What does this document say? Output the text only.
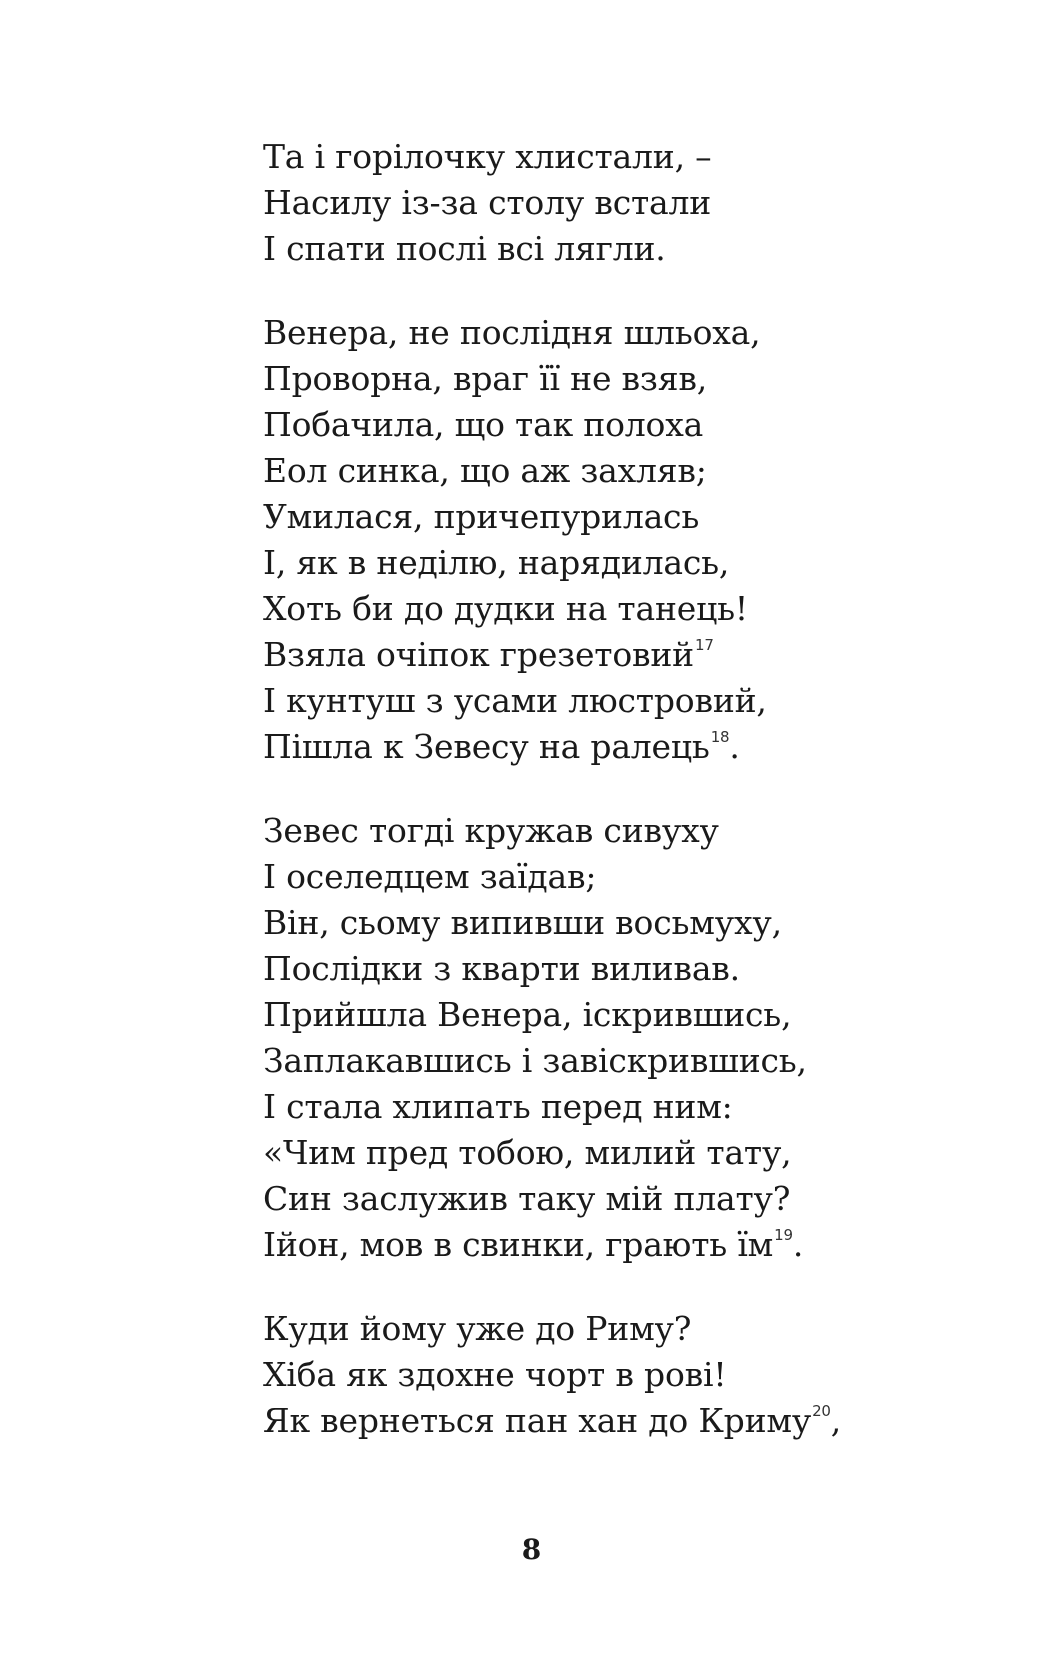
Та і горілочку хлистали, –
Насилу із-за столу встали
І спати послі всі лягли.
Венера, не послідня шльоха,
Проворна, враг її не взяв,
Побачила, що так полоха
Еол синка, що аж захляв;
Умилася, причепурилась
І, як в неділю, нарядилась,
Хоть би до дудки на танець!
Взяла очіпок грезетовий$^{17}$
І кунтуш з усами люстровий,
Пішла к Зевесу на ралець$^{18}$.
Зевес тогді кружав сивуху
І оселедцем заїдав;
Він, сьому випивши восьмуху,
Послідки з кварти виливав.
Прийшла Венера, іскрившись,
Заплакавшись і завіскрившись,
І стала хлипать перед ним:
«Чим пред тобою, милий тату,
Син заслужив таку мій плату?
Ійон, мов в свинки, грають $їм^{19}$.
Куди йому уже до Риму?
Хіба як здохне чорт в рові!
Як вернеться пан хан до Криму$^{20}$,
8
